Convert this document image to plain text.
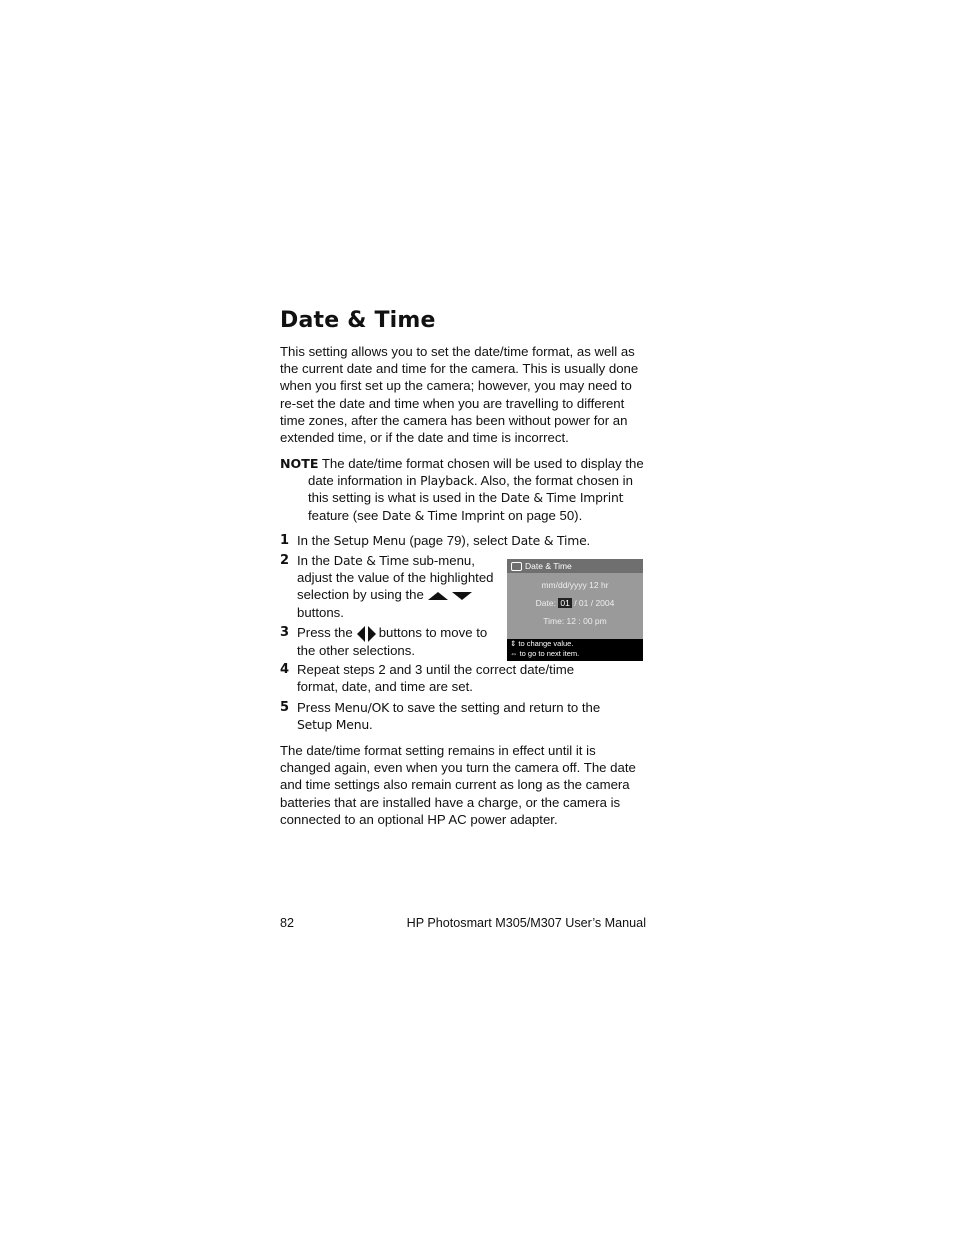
Date & Time

This setting allows you to set the date/time format, as well as the current date and time for the camera. This is usually done when you first set up the camera; however, you may need to re-set the date and time when you are travelling to different time zones, after the camera has been without power for an extended time, or if the date and time is incorrect.

NOTE The date/time format chosen will be used to display the date information in Playback. Also, the format chosen in this setting is what is used in the Date & Time Imprint feature (see Date & Time Imprint on page 50).
1 In the Setup Menu (page 79), select Date & Time.
2 In the Date & Time sub-menu, adjust the value of the highlighted selection by using the
buttons.
3 Press the buttons to move to the other selections.
4 Repeat steps 2 and 3 until the correct date/time format, date, and time are set.
5 Press Menu/OK to save the setting and return to the Setup Menu.
Date & Time
mm/dd/yyyy 12 hr
Date: 01 / 01 / 2004
Time: 12 : 00 pm
⇕ to change value.
⇔ to go to next item.

The date/time format setting remains in effect until it is changed again, even when you turn the camera off. The date and time settings also remain current as long as the camera batteries that are installed have a charge, or the camera is connected to an optional HP AC power adapter.

82	HP Photosmart M305/M307 User’s Manual
